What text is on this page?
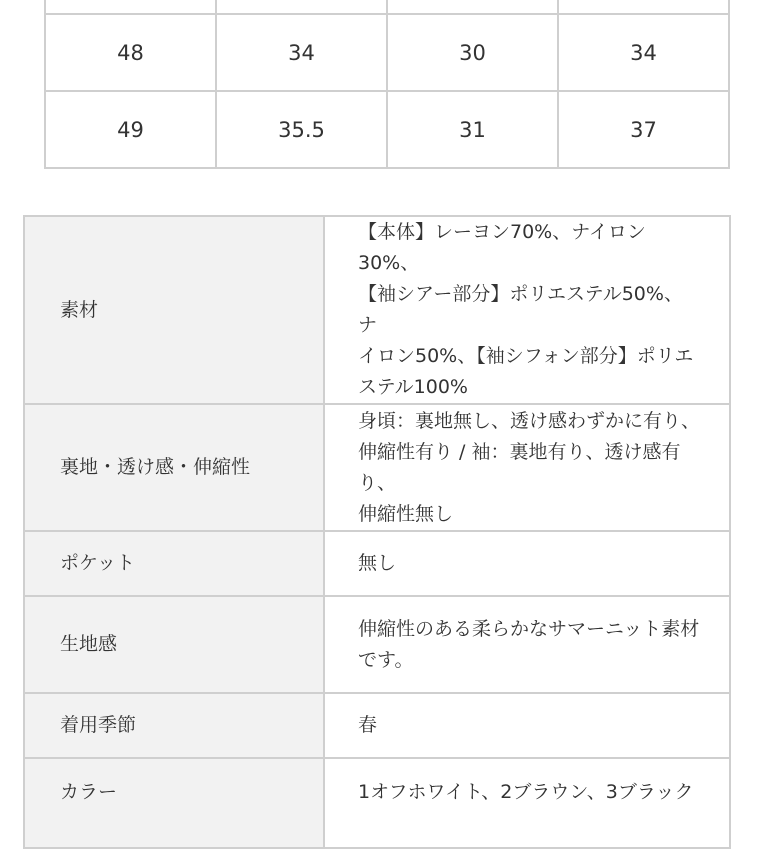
48	34	30	34
49	35.5	31	37
素材	【本体】レーヨン70%、ナイロン30%、
【袖シアー部分】ポリエステル50%、ナ
イロン50%、【袖シフォン部分】ポリエ
ステル100%

裏地・透け感・伸縮性	身頃：裏地無し、透け感わずかに有り、
伸縮性有り / 袖：裏地有り、透け感有り、
伸縮性無し

ポケット	無し

生地感	伸縮性のある柔らかなサマーニット素材
です。

着用季節	春

カラー	1オフホワイト、2ブラウン、3ブラック
